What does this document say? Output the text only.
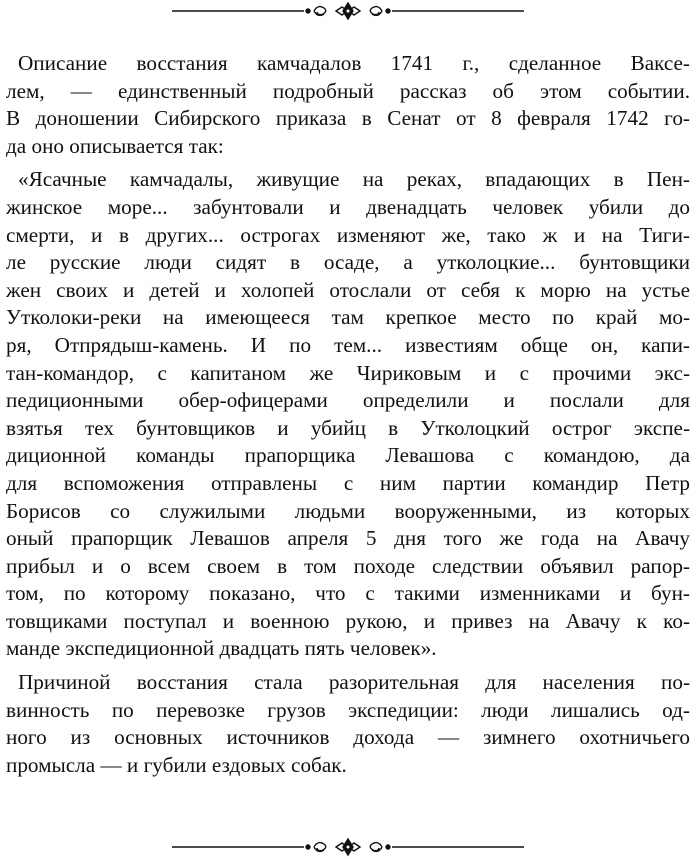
Описание восстания камчадалов 1741 г., сделанное Ваксе-
лем, — единственный подробный рассказ об этом событии.
В доношении Сибирского приказа в Сенат от 8 февраля 1742 го-
да оно описывается так:
«Ясачные камчадалы, живущие на реках, впадающих в Пен-
жинское море... забунтовали и двенадцать человек убили до
смерти, и в других... острогах изменяют же, тако ж и на Тиги-
ле русские люди сидят в осаде, а утколоцкие... бунтовщики
жен своих и детей и холопей отослали от себя к морю на устье
Утколоки-реки на имеющееся там крепкое место по край мо-
ря, Отпрядыш-камень. И по тем... известиям обще он, капи-
тан-командор, с капитаном же Чириковым и с прочими экс-
педиционными обер-офицерами определили и послали для
взятья тех бунтовщиков и убийц в Утколоцкий острог экспе-
диционной команды прапорщика Левашова с командою, да
для вспоможения отправлены с ним партии командир Петр
Борисов со служилыми людьми вооруженными, из которых
оный прапорщик Левашов апреля 5 дня того же года на Авачу
прибыл и о всем своем в том походе следствии объявил рапор-
том, по которому показано, что с такими изменниками и бун-
товщиками поступал и военною рукою, и привез на Авачу к ко-
манде экспедиционной двадцать пять человек».
Причиной восстания стала разорительная для населения по-
винность по перевозке грузов экспедиции: люди лишались од-
ного из основных источников дохода — зимнего охотничьего
промысла — и губили ездовых собак.
